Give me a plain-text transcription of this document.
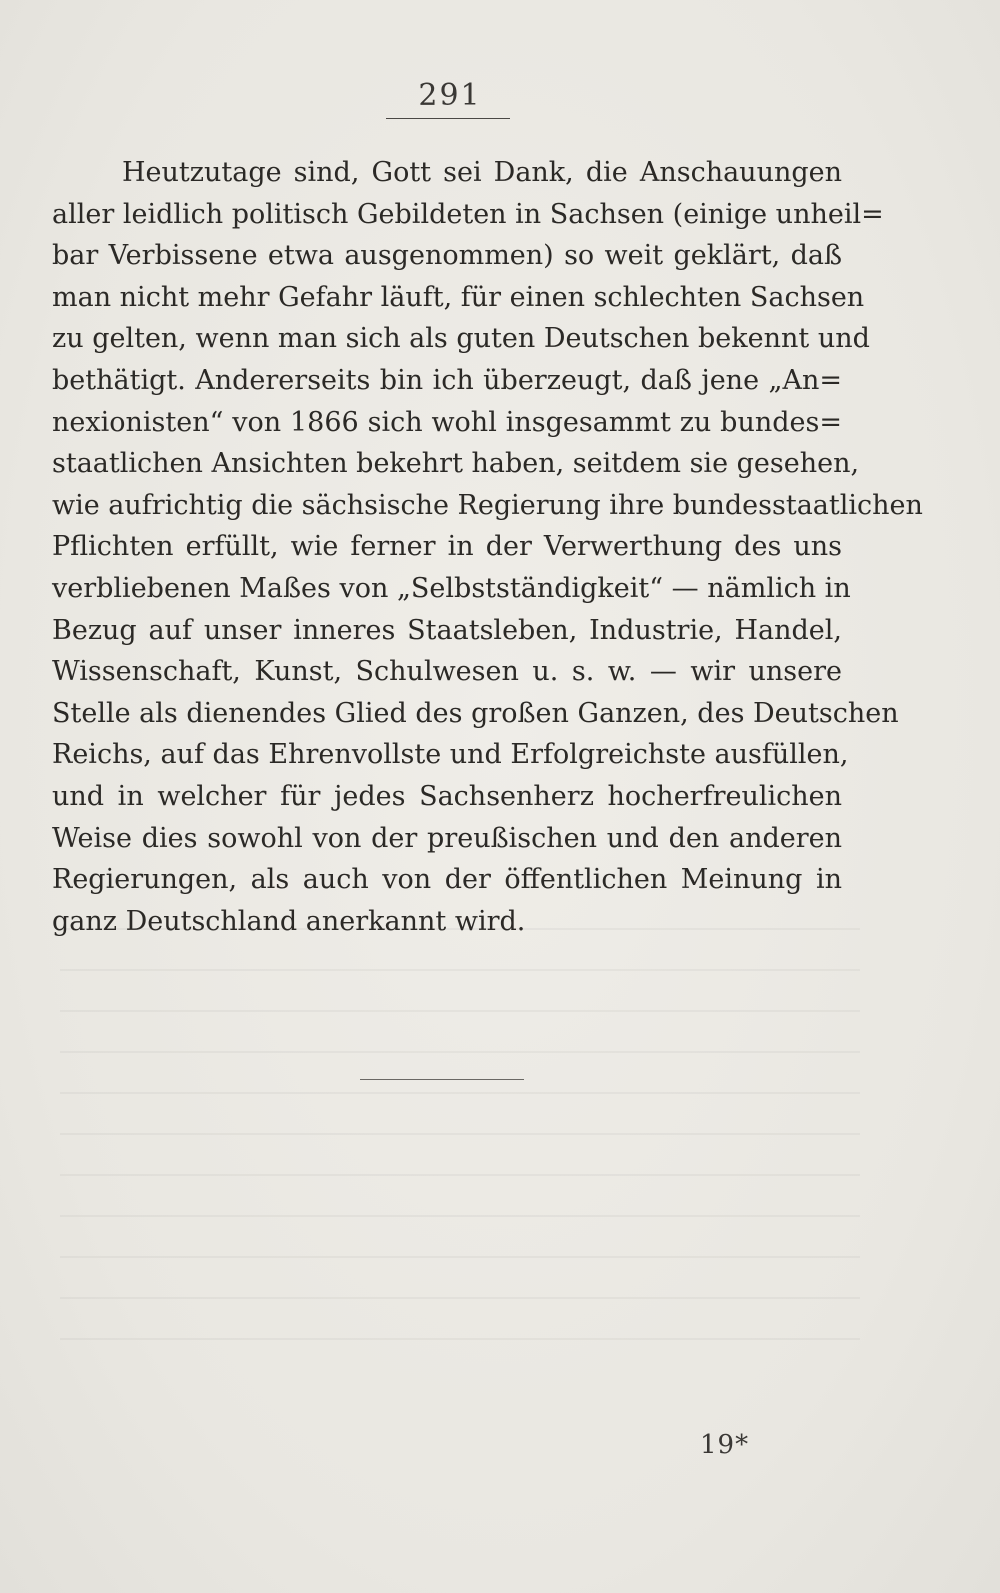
291
Heutzutage sind, Gott sei Dank, die Anschauungen
aller leidlich politisch Gebildeten in Sachsen (einige unheil=
bar Verbissene etwa ausgenommen) so weit geklärt, daß
man nicht mehr Gefahr läuft, für einen schlechten Sachsen
zu gelten, wenn man sich als guten Deutschen bekennt und
bethätigt. Andererseits bin ich überzeugt, daß jene „An=
nexionisten“ von 1866 sich wohl insgesammt zu bundes=
staatlichen Ansichten bekehrt haben, seitdem sie gesehen,
wie aufrichtig die sächsische Regierung ihre bundesstaatlichen
Pflichten erfüllt, wie ferner in der Verwerthung des uns
verbliebenen Maßes von „Selbstständigkeit“ — nämlich in
Bezug auf unser inneres Staatsleben, Industrie, Handel,
Wissenschaft, Kunst, Schulwesen u. s. w. — wir unsere
Stelle als dienendes Glied des großen Ganzen, des Deutschen
Reichs, auf das Ehrenvollste und Erfolgreichste ausfüllen,
und in welcher für jedes Sachsenherz hocherfreulichen
Weise dies sowohl von der preußischen und den anderen
Regierungen, als auch von der öffentlichen Meinung in
ganz Deutschland anerkannt wird.
19*
